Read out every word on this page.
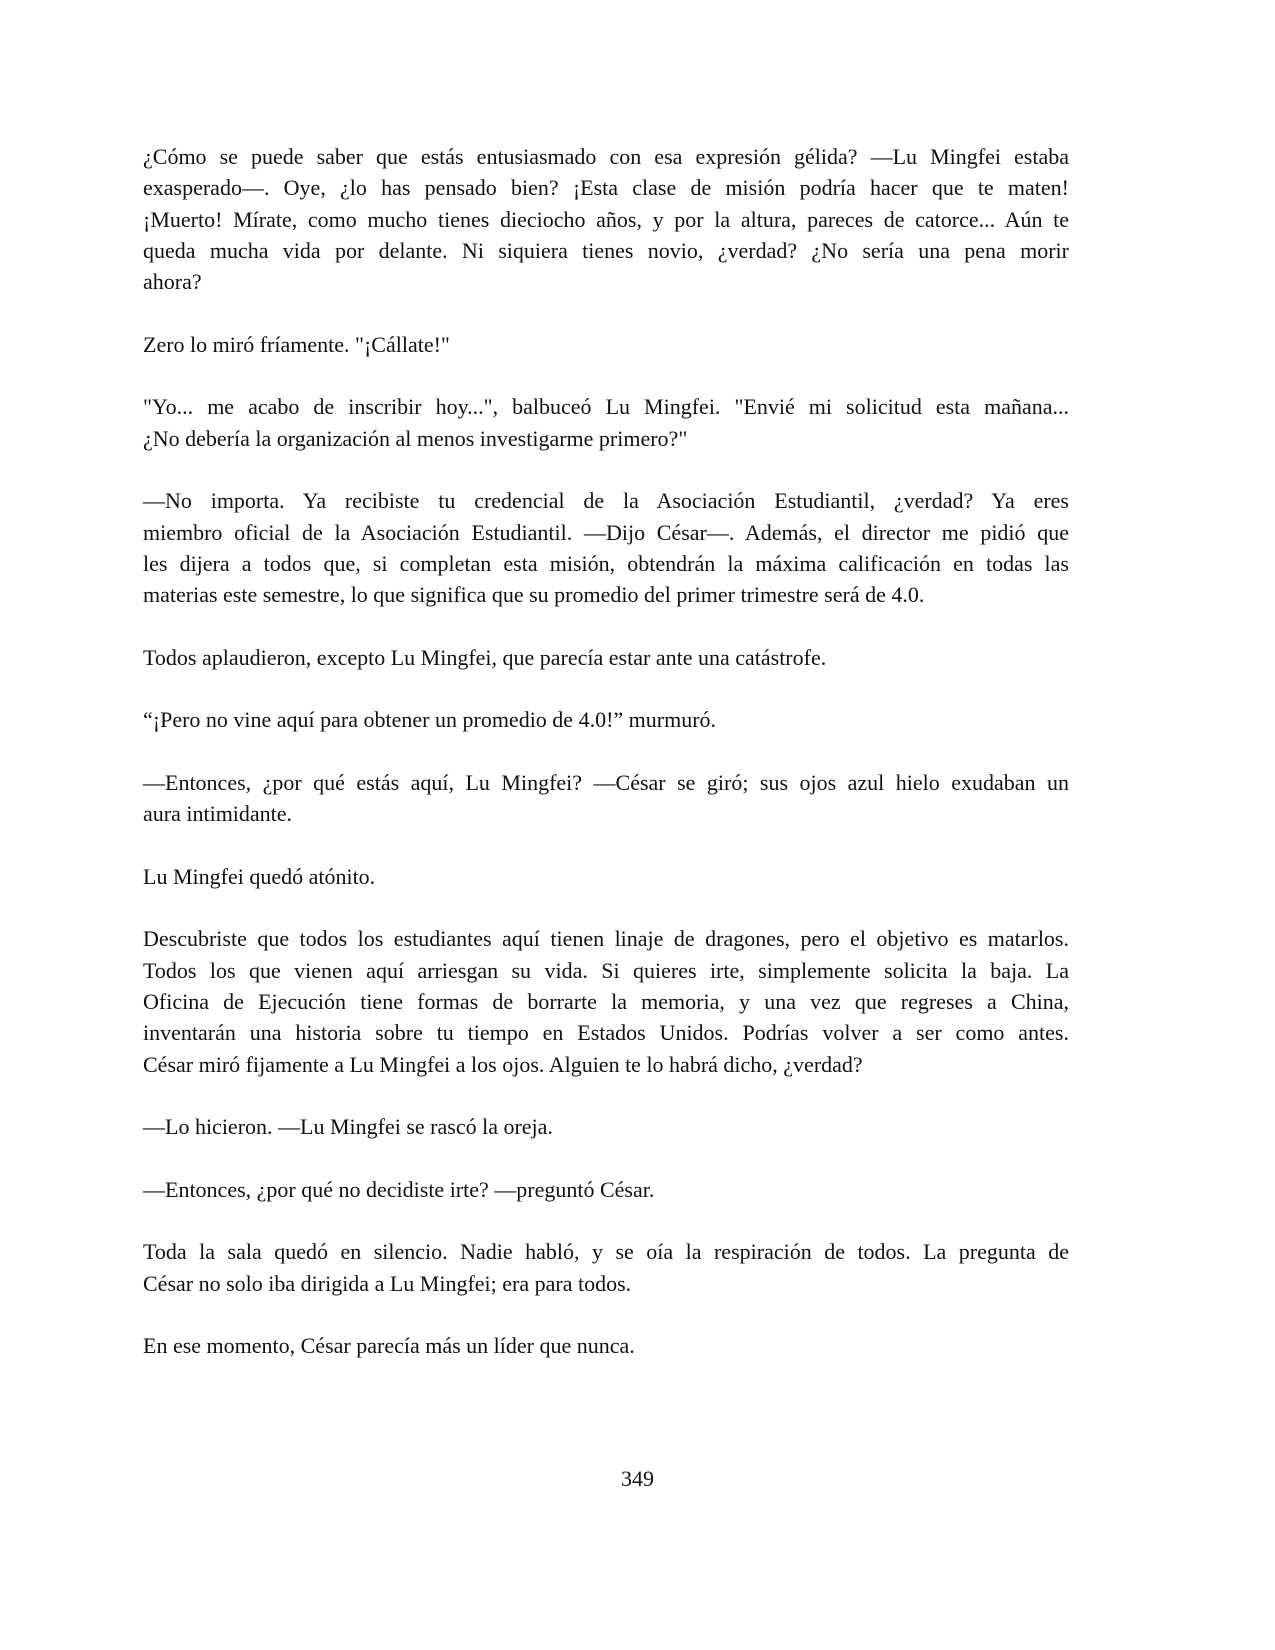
¿Cómo se puede saber que estás entusiasmado con esa expresión gélida? —Lu Mingfei estaba
exasperado—. Oye, ¿lo has pensado bien? ¡Esta clase de misión podría hacer que te maten!
¡Muerto! Mírate, como mucho tienes dieciocho años, y por la altura, pareces de catorce... Aún te
queda mucha vida por delante. Ni siquiera tienes novio, ¿verdad? ¿No sería una pena morir
ahora?

Zero lo miró fríamente. "¡Cállate!"

"Yo... me acabo de inscribir hoy...", balbuceó Lu Mingfei. "Envié mi solicitud esta mañana...
¿No debería la organización al menos investigarme primero?"

—No importa. Ya recibiste tu credencial de la Asociación Estudiantil, ¿verdad? Ya eres
miembro oficial de la Asociación Estudiantil. —Dijo César—. Además, el director me pidió que
les dijera a todos que, si completan esta misión, obtendrán la máxima calificación en todas las
materias este semestre, lo que significa que su promedio del primer trimestre será de 4.0.

Todos aplaudieron, excepto Lu Mingfei, que parecía estar ante una catástrofe.

“¡Pero no vine aquí para obtener un promedio de 4.0!” murmuró.

—Entonces, ¿por qué estás aquí, Lu Mingfei? —César se giró; sus ojos azul hielo exudaban un
aura intimidante.

Lu Mingfei quedó atónito.

Descubriste que todos los estudiantes aquí tienen linaje de dragones, pero el objetivo es matarlos.
Todos los que vienen aquí arriesgan su vida. Si quieres irte, simplemente solicita la baja. La
Oficina de Ejecución tiene formas de borrarte la memoria, y una vez que regreses a China,
inventarán una historia sobre tu tiempo en Estados Unidos. Podrías volver a ser como antes.
César miró fijamente a Lu Mingfei a los ojos. Alguien te lo habrá dicho, ¿verdad?

—Lo hicieron. —Lu Mingfei se rascó la oreja.

—Entonces, ¿por qué no decidiste irte? —preguntó César.

Toda la sala quedó en silencio. Nadie habló, y se oía la respiración de todos. La pregunta de
César no solo iba dirigida a Lu Mingfei; era para todos.

En ese momento, César parecía más un líder que nunca.

349
